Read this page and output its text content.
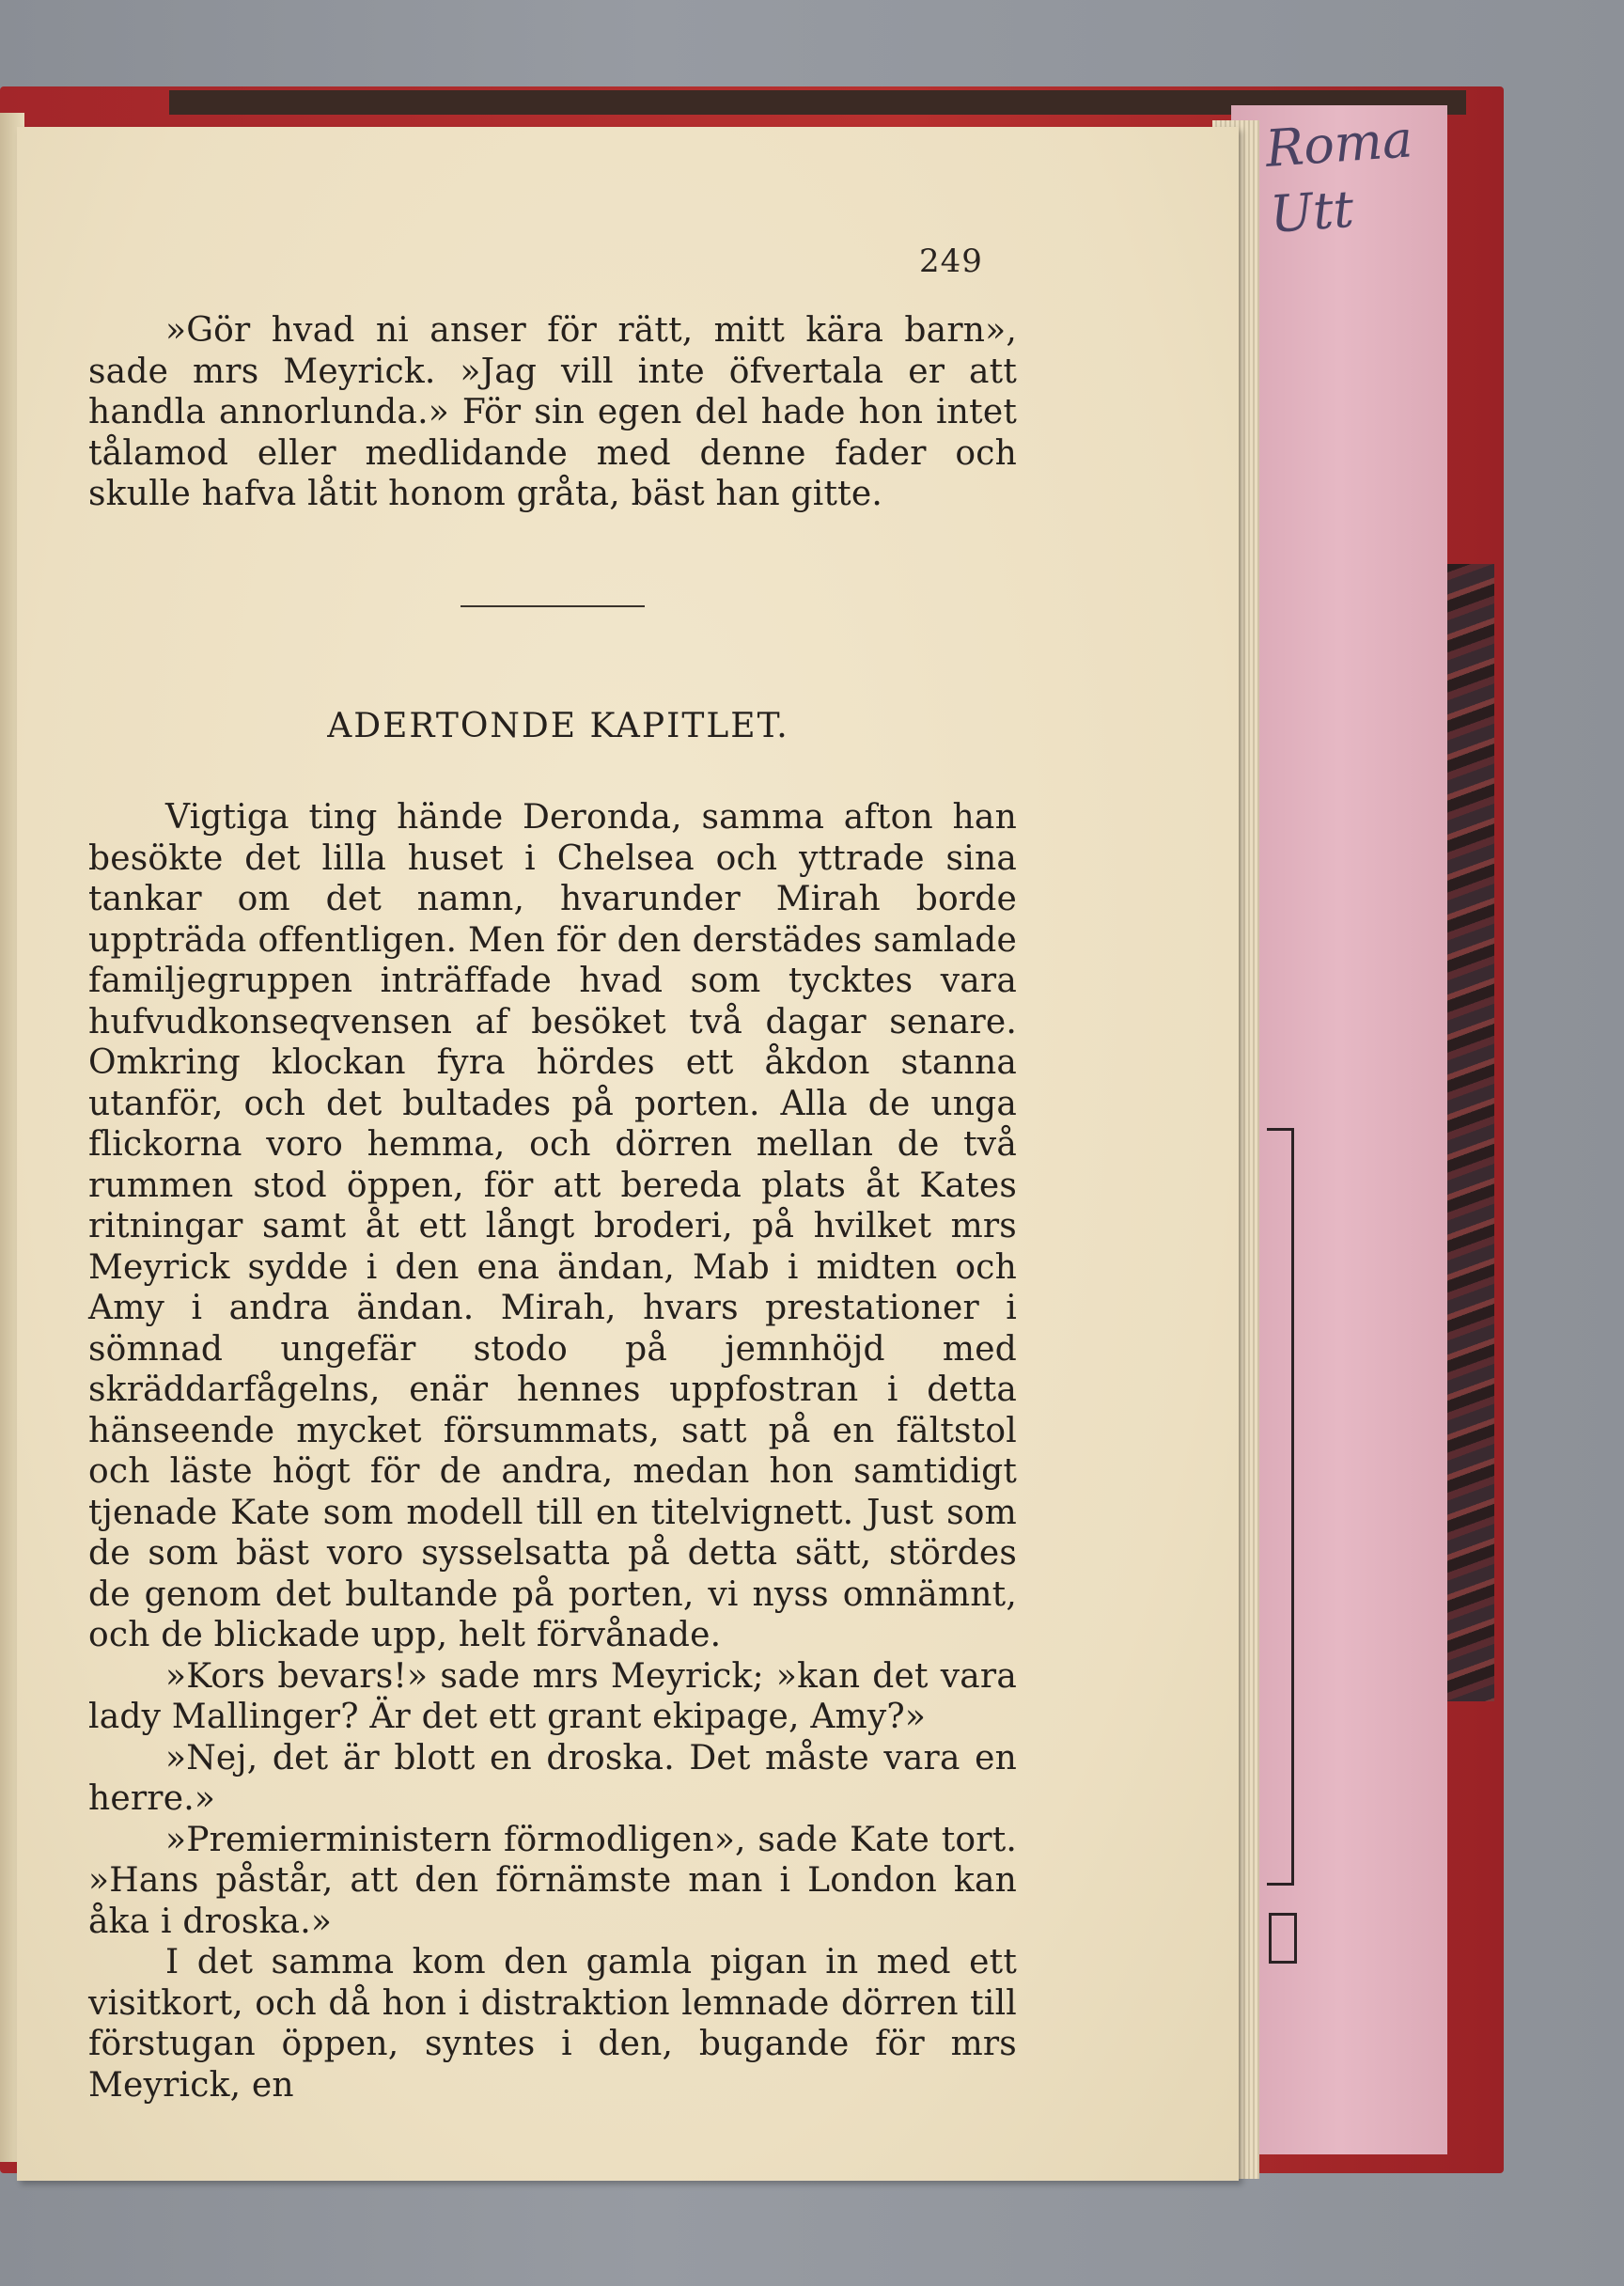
Roma Utt
249

»Gör hvad ni anser för rätt, mitt kära barn», sade mrs Meyrick. »Jag vill inte öfvertala er att handla annorlunda.» För sin egen del hade hon intet tålamod eller medlidande med denne fader och skulle hafva låtit honom gråta, bäst han gitte.

ADERTONDE KAPITLET.

Vigtiga ting hände Deronda, samma afton han besökte det lilla huset i Chelsea och yttrade sina tankar om det namn, hvarunder Mirah borde uppträda offentligen. Men för den derstädes samlade familjegruppen inträffade hvad som tycktes vara hufvudkonseqvensen af besöket två dagar senare. Omkring klockan fyra hördes ett åkdon stanna utanför, och det bultades på porten. Alla de unga flickorna voro hemma, och dörren mellan de två rummen stod öppen, för att bereda plats åt Kates ritningar samt åt ett långt broderi, på hvilket mrs Meyrick sydde i den ena ändan, Mab i midten och Amy i andra ändan. Mirah, hvars prestationer i sömnad ungefär stodo på jemnhöjd med skräddarfågelns, enär hennes uppfostran i detta hänseende mycket försummats, satt på en fältstol och läste högt för de andra, medan hon samtidigt tjenade Kate som modell till en titelvignett. Just som de som bäst voro sysselsatta på detta sätt, stördes de genom det bultande på porten, vi nyss omnämnt, och de blickade upp, helt förvånade.

»Kors bevars!» sade mrs Meyrick; »kan det vara lady Mallinger? Är det ett grant ekipage, Amy?»

»Nej, det är blott en droska. Det måste vara en herre.»

»Premierministern förmodligen», sade Kate tort. »Hans påstår, att den förnämste man i London kan åka i droska.»

I det samma kom den gamla pigan in med ett visitkort, och då hon i distraktion lemnade dörren till förstugan öppen, syntes i den, bugande för mrs Meyrick, en
